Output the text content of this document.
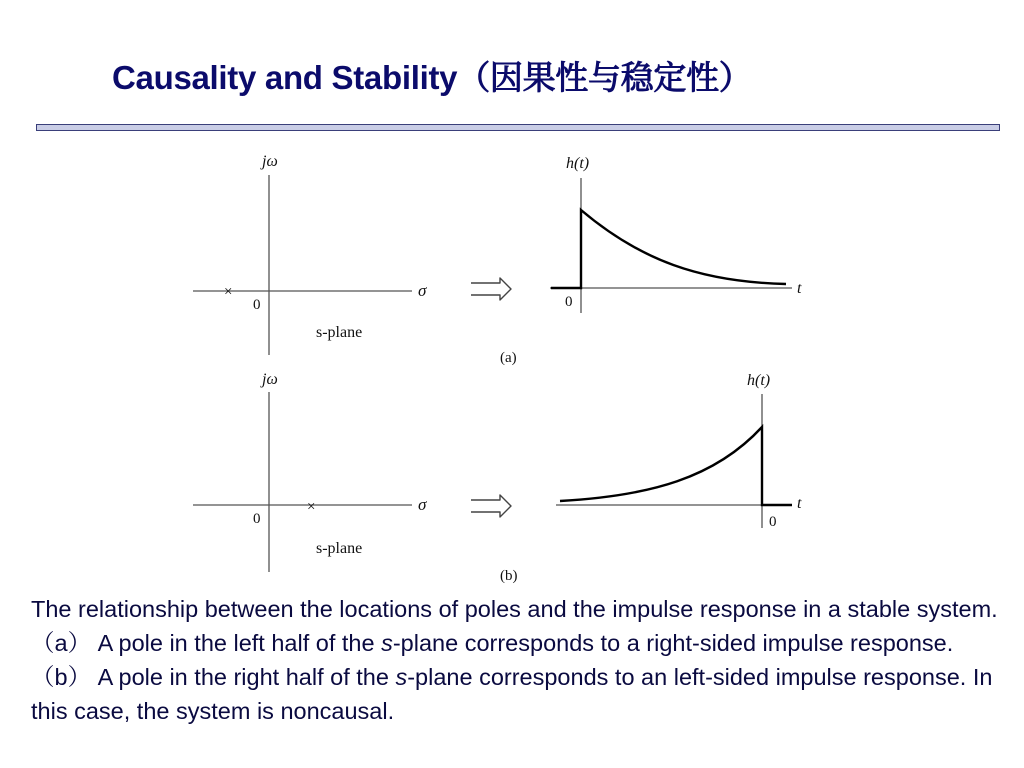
Causality and Stability（因果性与稳定性）
jω
σ
0
s-plane
×
h(t)
t
0
(a)
jω
σ
0
s-plane
×
h(t)
t
0
(b)
The relationship between the locations of poles and the impulse response in a stable system. （a） A pole in the left half of the s-plane corresponds to a right-sided impulse response. （b） A pole in the right half of the s-plane corresponds to an left-sided impulse response. In this case, the system is noncausal.
